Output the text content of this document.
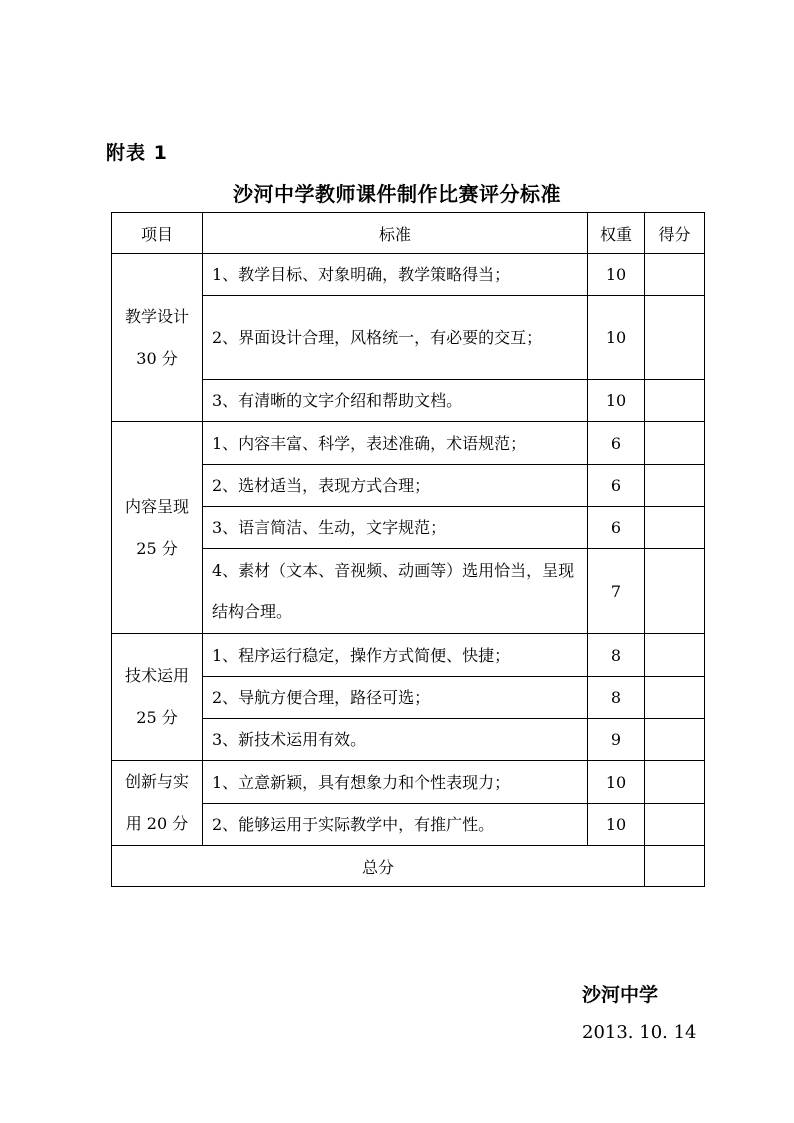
附表 1
沙河中学教师课件制作比赛评分标准
项目	标准	权重	得分

教学设计
30 分	1、教学目标、对象明确，教学策略得当；	10	
	2、界面设计合理，风格统一，有必要的交互；	10	
	3、有清晰的文字介绍和帮助文档。	10	

内容呈现
25 分	1、内容丰富、科学，表述准确，术语规范；	6	
	2、选材适当，表现方式合理；	6	
	3、语言简洁、生动，文字规范；	6	
	4、素材（文本、音视频、动画等）选用恰当，呈现结构合理。	7	

技术运用
25 分	1、程序运行稳定，操作方式简便、快捷；	8	
	2、导航方便合理，路径可选；	8	
	3、新技术运用有效。	9	

创新与实
用 20 分	1、立意新颖，具有想象力和个性表现力；	10	
	2、能够运用于实际教学中，有推广性。	10	
总分			
沙河中学
2013. 10. 14
